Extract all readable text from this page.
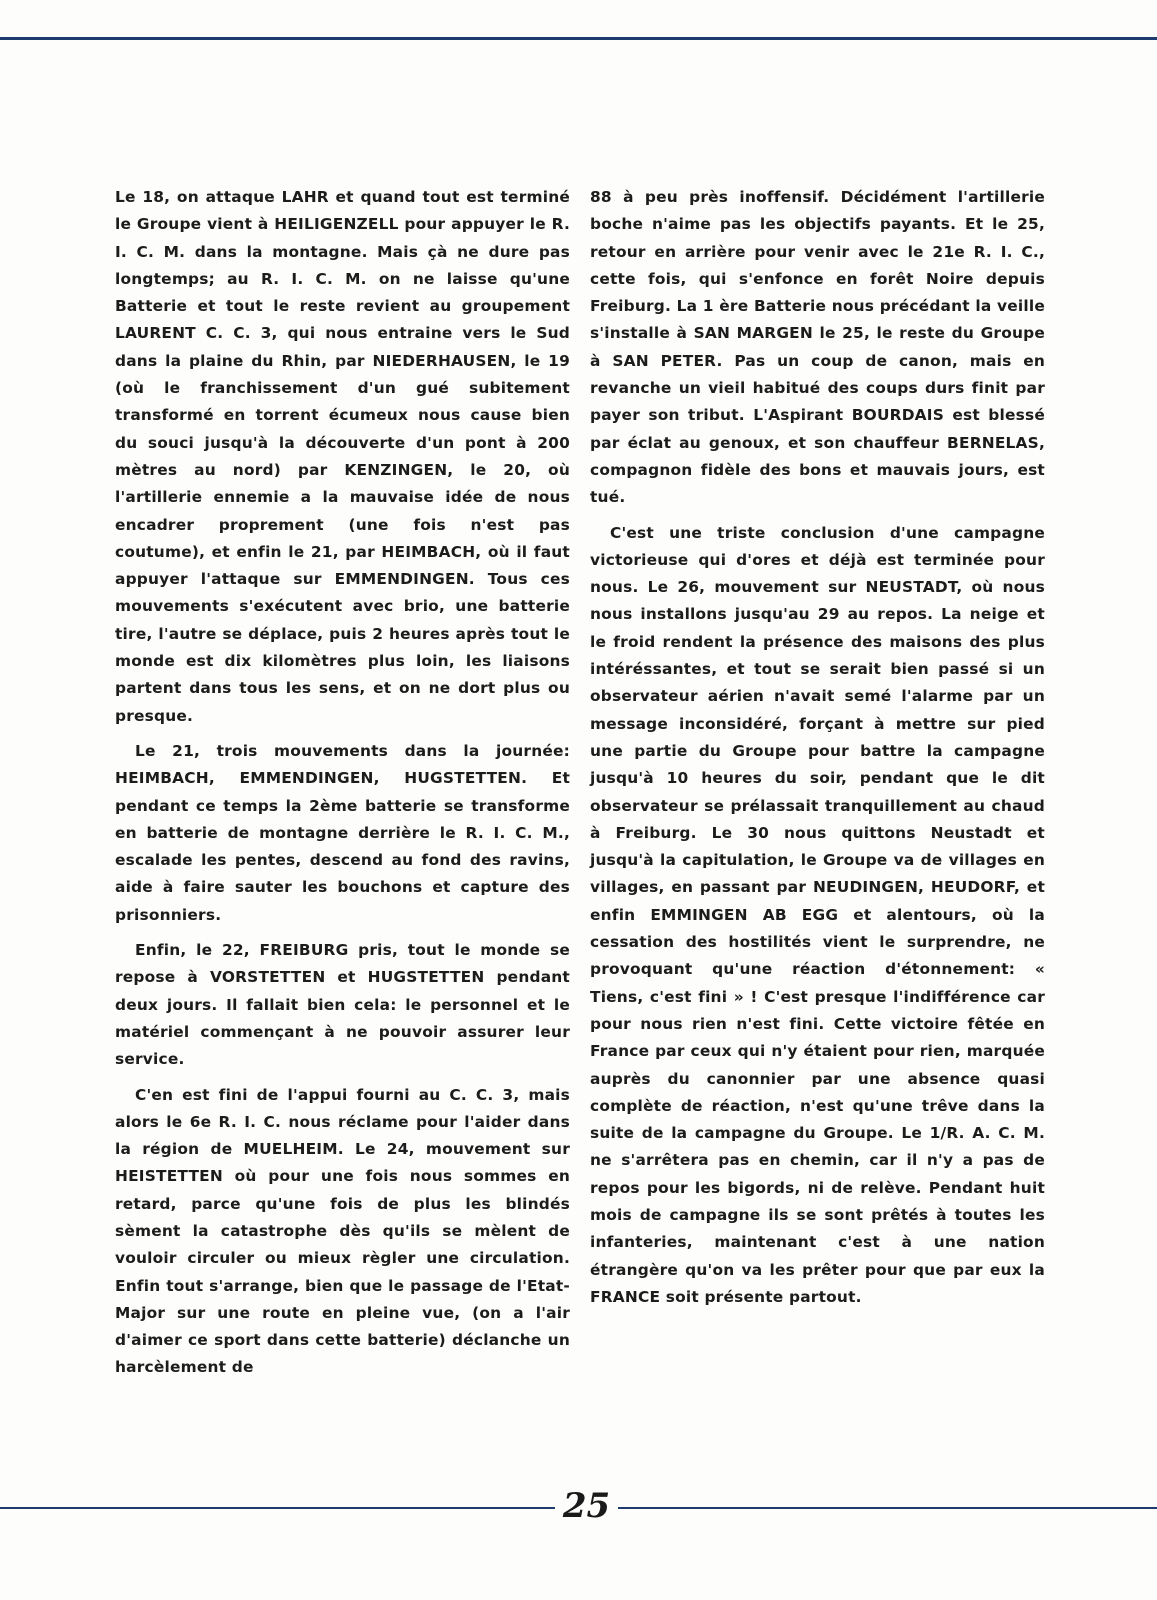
Le 18, on attaque LAHR et quand tout est terminé le Groupe vient à HEILIGENZELL pour appuyer le R. I. C. M. dans la montagne. Mais çà ne dure pas longtemps; au R. I. C. M. on ne laisse qu'une Batterie et tout le reste revient au groupement LAURENT C. C. 3, qui nous entraine vers le Sud dans la plaine du Rhin, par NIEDERHAUSEN, le 19 (où le franchissement d'un gué subitement transformé en torrent écumeux nous cause bien du souci jusqu'à la découverte d'un pont à 200 mètres au nord) par KENZINGEN, le 20, où l'artillerie ennemie a la mauvaise idée de nous encadrer proprement (une fois n'est pas coutume), et enfin le 21, par HEIMBACH, où il faut appuyer l'attaque sur EMMENDINGEN. Tous ces mouvements s'exécutent avec brio, une batterie tire, l'autre se déplace, puis 2 heures après tout le monde est dix kilomètres plus loin, les liaisons partent dans tous les sens, et on ne dort plus ou presque.

Le 21, trois mouvements dans la journée: HEIMBACH, EMMENDINGEN, HUGSTETTEN. Et pendant ce temps la 2ème batterie se transforme en batterie de montagne derrière le R. I. C. M., escalade les pentes, descend au fond des ravins, aide à faire sauter les bouchons et capture des prisonniers.

Enfin, le 22, FREIBURG pris, tout le monde se repose à VORSTETTEN et HUGSTETTEN pendant deux jours. Il fallait bien cela: le personnel et le matériel commençant à ne pouvoir assurer leur service.

C'en est fini de l'appui fourni au C. C. 3, mais alors le 6e R. I. C. nous réclame pour l'aider dans la région de MUELHEIM. Le 24, mouvement sur HEISTETTEN où pour une fois nous sommes en retard, parce qu'une fois de plus les blindés sèment la catastrophe dès qu'ils se mèlent de vouloir circuler ou mieux règler une circulation. Enfin tout s'arrange, bien que le passage de l'Etat-Major sur une route en pleine vue, (on a l'air d'aimer ce sport dans cette batterie) déclanche un harcèlement de

88 à peu près inoffensif. Décidément l'artillerie boche n'aime pas les objectifs payants. Et le 25, retour en arrière pour venir avec le 21e R. I. C., cette fois, qui s'enfonce en forêt Noire depuis Freiburg. La 1 ère Batterie nous précédant la veille s'installe à SAN MARGEN le 25, le reste du Groupe à SAN PETER. Pas un coup de canon, mais en revanche un vieil habitué des coups durs finit par payer son tribut. L'Aspirant BOURDAIS est blessé par éclat au genoux, et son chauffeur BERNELAS, compagnon fidèle des bons et mauvais jours, est tué.

C'est une triste conclusion d'une campagne victorieuse qui d'ores et déjà est terminée pour nous. Le 26, mouvement sur NEUSTADT, où nous nous installons jusqu'au 29 au repos. La neige et le froid rendent la présence des maisons des plus intéréssantes, et tout se serait bien passé si un observateur aérien n'avait semé l'alarme par un message inconsidéré, forçant à mettre sur pied une partie du Groupe pour battre la campagne jusqu'à 10 heures du soir, pendant que le dit observateur se prélassait tranquillement au chaud à Freiburg. Le 30 nous quittons Neustadt et jusqu'à la capitulation, le Groupe va de villages en villages, en passant par NEUDINGEN, HEUDORF, et enfin EMMINGEN AB EGG et alentours, où la cessation des hostilités vient le surprendre, ne provoquant qu'une réaction d'étonnement: « Tiens, c'est fini » ! C'est presque l'indifférence car pour nous rien n'est fini. Cette victoire fêtée en France par ceux qui n'y étaient pour rien, marquée auprès du canonnier par une absence quasi complète de réaction, n'est qu'une trêve dans la suite de la campagne du Groupe. Le 1/R. A. C. M. ne s'arrêtera pas en chemin, car il n'y a pas de repos pour les bigords, ni de relève. Pendant huit mois de campagne ils se sont prêtés à toutes les infanteries, maintenant c'est à une nation étrangère qu'on va les prêter pour que par eux la FRANCE soit présente partout.

25
